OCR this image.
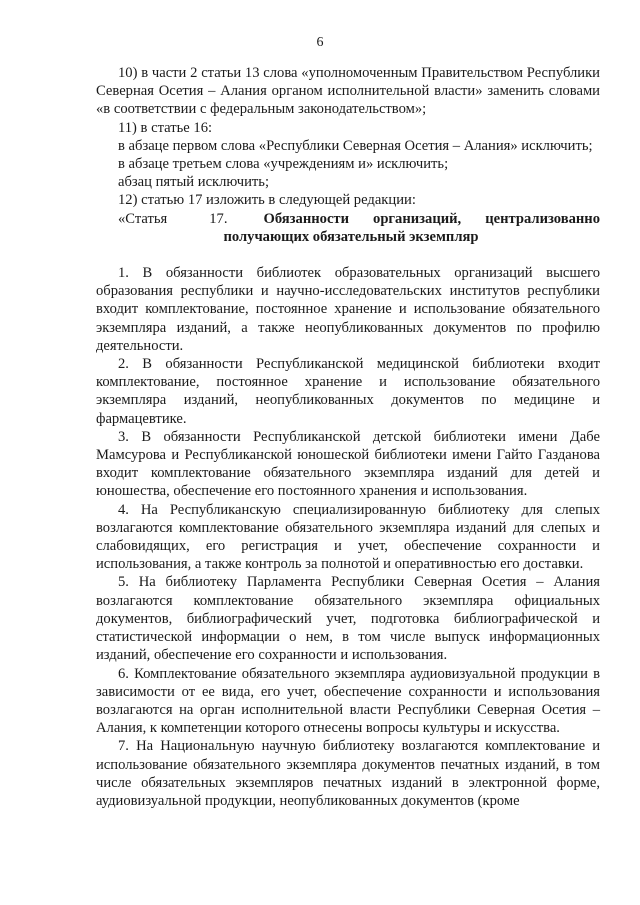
6

10) в части 2 статьи 13 слова «уполномоченным Правительством Республики Северная Осетия – Алания органом исполнительной власти» заменить словами «в соответствии с федеральным законодательством»;

11) в статье 16:

в абзаце первом слова «Республики Северная Осетия – Алания» исключить;

в абзаце третьем слова «учреждениям и» исключить;

абзац пятый исключить;

12) статью 17 изложить в следующей редакции:

«Статья	17. Обязанности организаций, централизованно
получающих обязательный экземпляр

1. В обязанности библиотек образовательных организаций высшего образования республики и научно-исследовательских институтов республики входит комплектование, постоянное хранение и использование обязательного экземпляра изданий, а также неопубликованных документов по профилю деятельности.

2. В обязанности Республиканской медицинской библиотеки входит комплектование, постоянное хранение и использование обязательного экземпляра изданий, неопубликованных документов по медицине и фармацевтике.

3. В обязанности Республиканской детской библиотеки имени Дабе Мамсурова и Республиканской юношеской библиотеки имени Гайто Газданова входит комплектование обязательного экземпляра изданий для детей и юношества, обеспечение его постоянного хранения и использования.

4. На Республиканскую специализированную библиотеку для слепых возлагаются комплектование обязательного экземпляра изданий для слепых и слабовидящих, его регистрация и учет, обеспечение сохранности и использования, а также контроль за полнотой и оперативностью его доставки.

5. На библиотеку Парламента Республики Северная Осетия – Алания возлагаются комплектование обязательного экземпляра официальных документов, библиографический учет, подготовка библиографической и статистической информации о нем, в том числе выпуск информационных изданий, обеспечение его сохранности и использования.

6. Комплектование обязательного экземпляра аудиовизуальной продукции в зависимости от ее вида, его учет, обеспечение сохранности и использования возлагаются на орган исполнительной власти Республики Северная Осетия – Алания, к компетенции которого отнесены вопросы культуры и искусства.

7. На Национальную научную библиотеку возлагаются комплектование и использование обязательного экземпляра документов печатных изданий, в том числе обязательных экземпляров печатных изданий в электронной форме, аудиовизуальной продукции, неопубликованных документов (кроме
